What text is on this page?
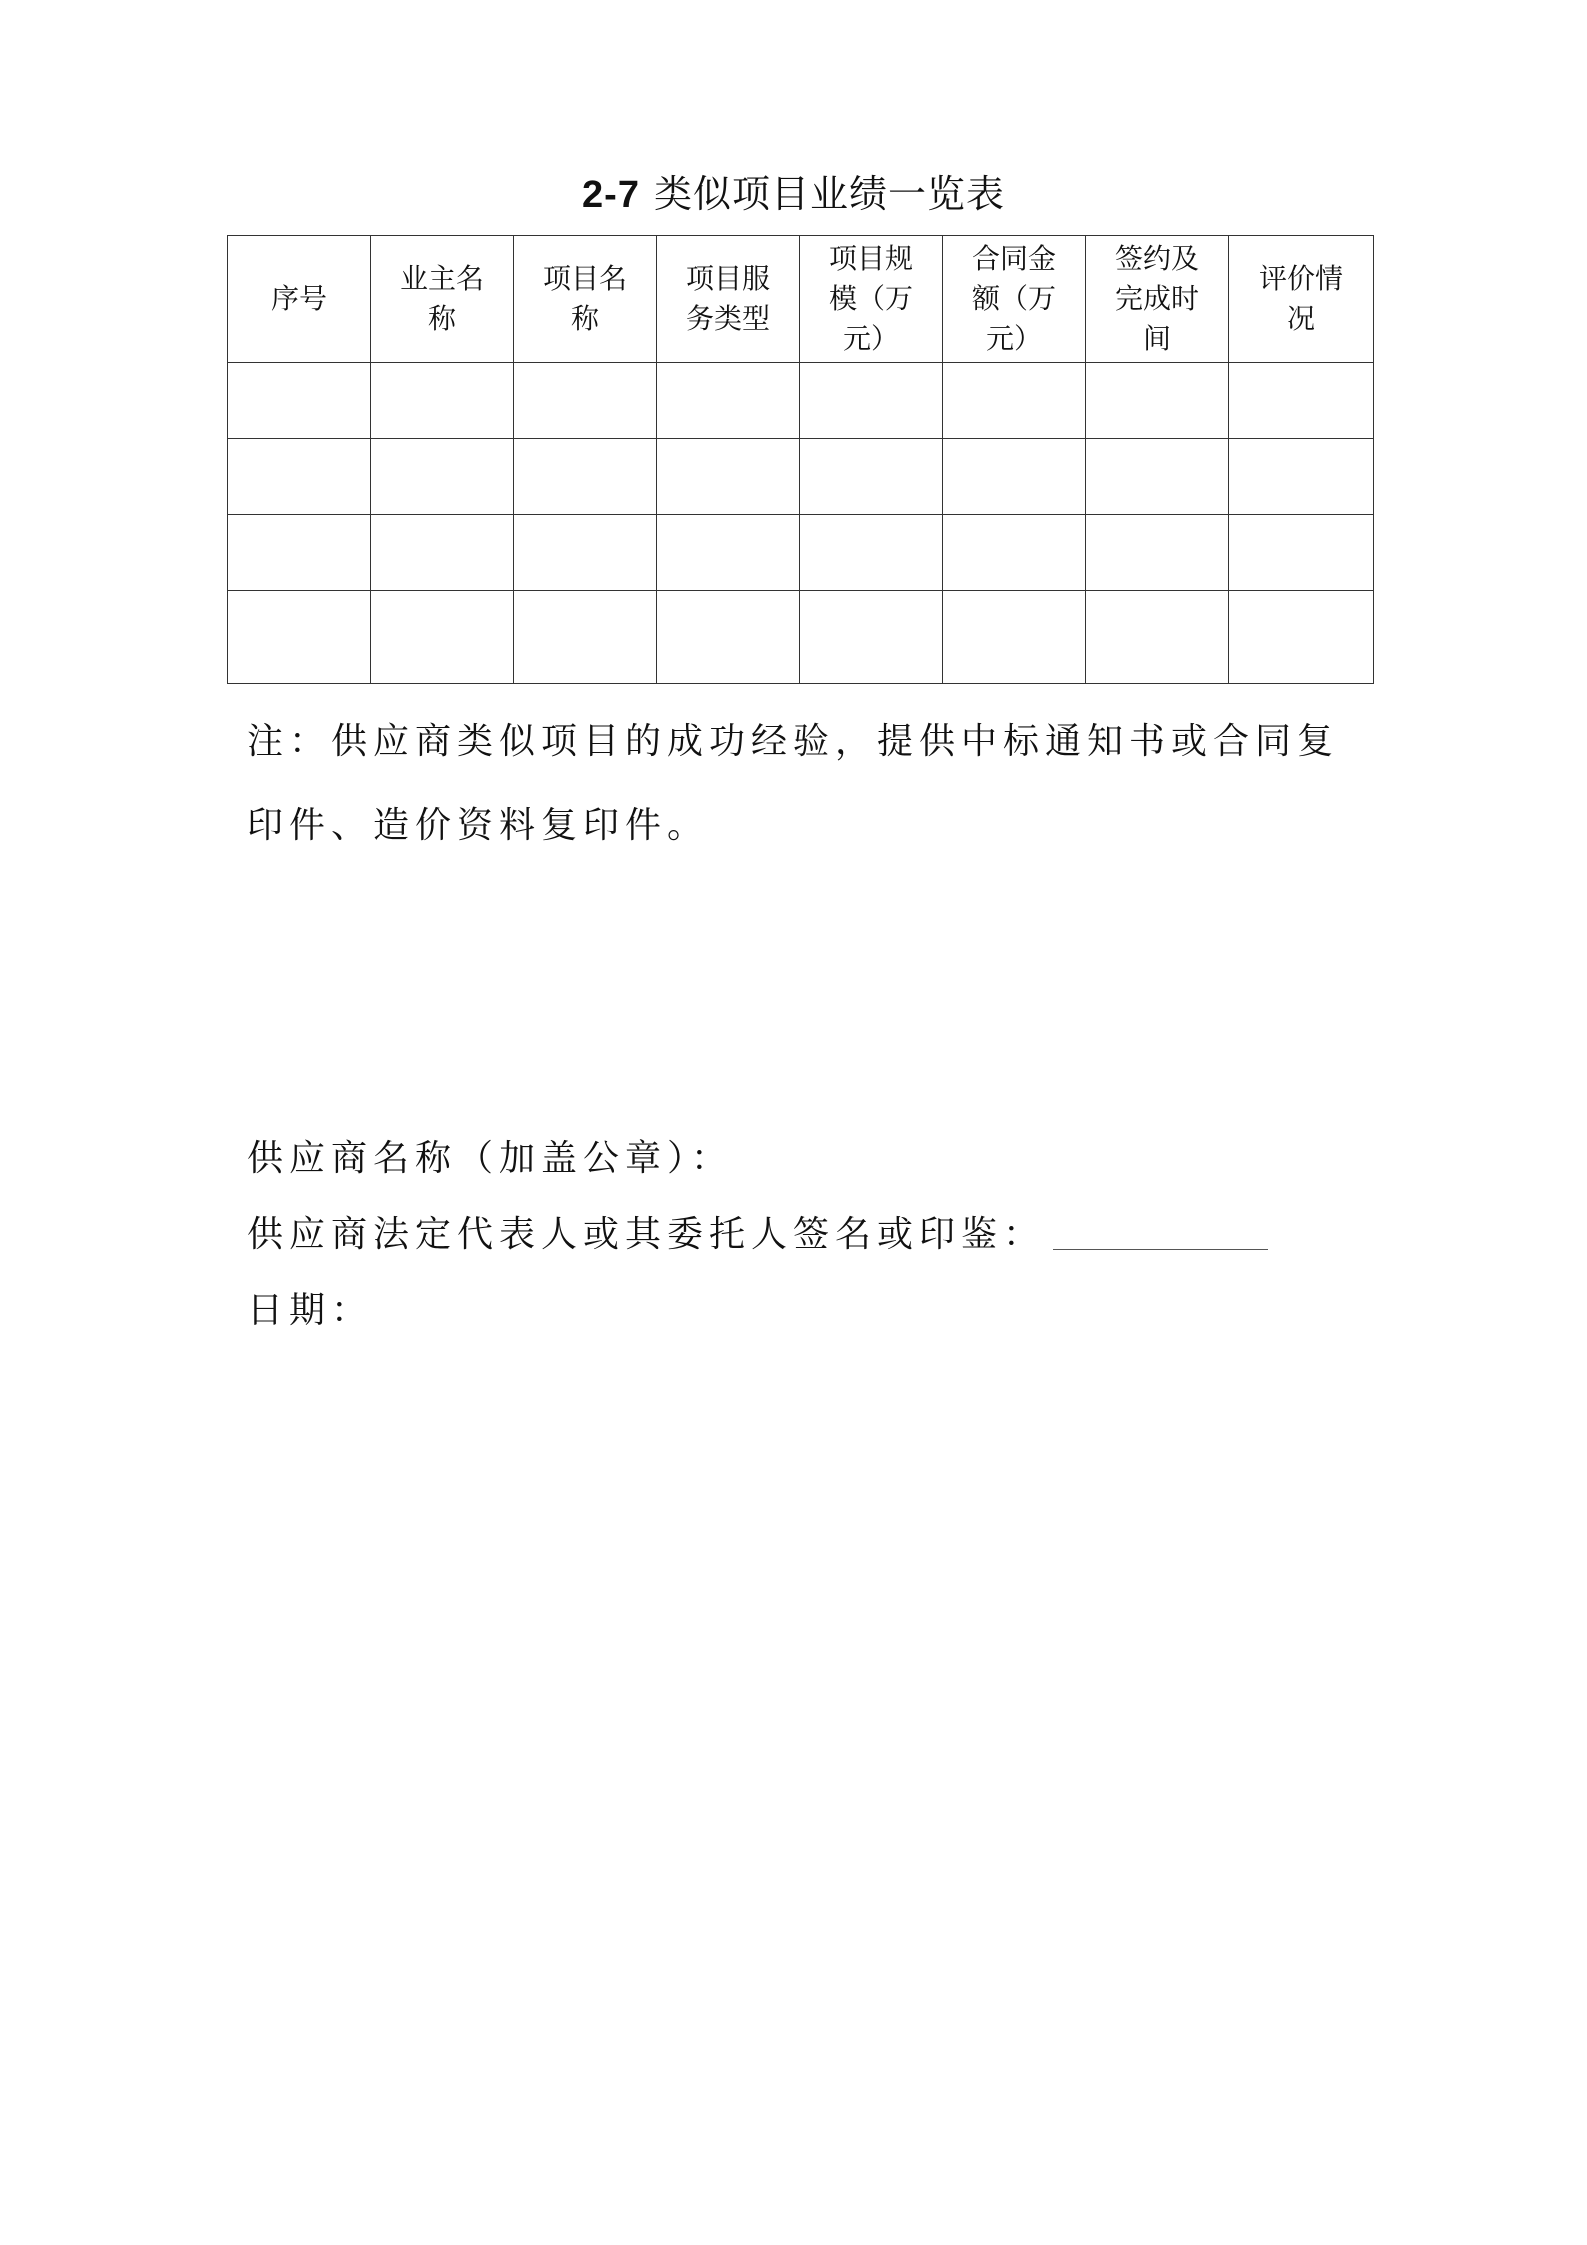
2-7 类似项目业绩一览表
序号	业主名称	项目名称	项目服务类型	项目规模（万元）	合同金额（万元）	签约及完成时间	评价情况

注：供应商类似项目的成功经验，提供中标通知书或合同复印件、造价资料复印件。
供应商名称（加盖公章）：
供应商法定代表人或其委托人签名或印鉴：
日期：
